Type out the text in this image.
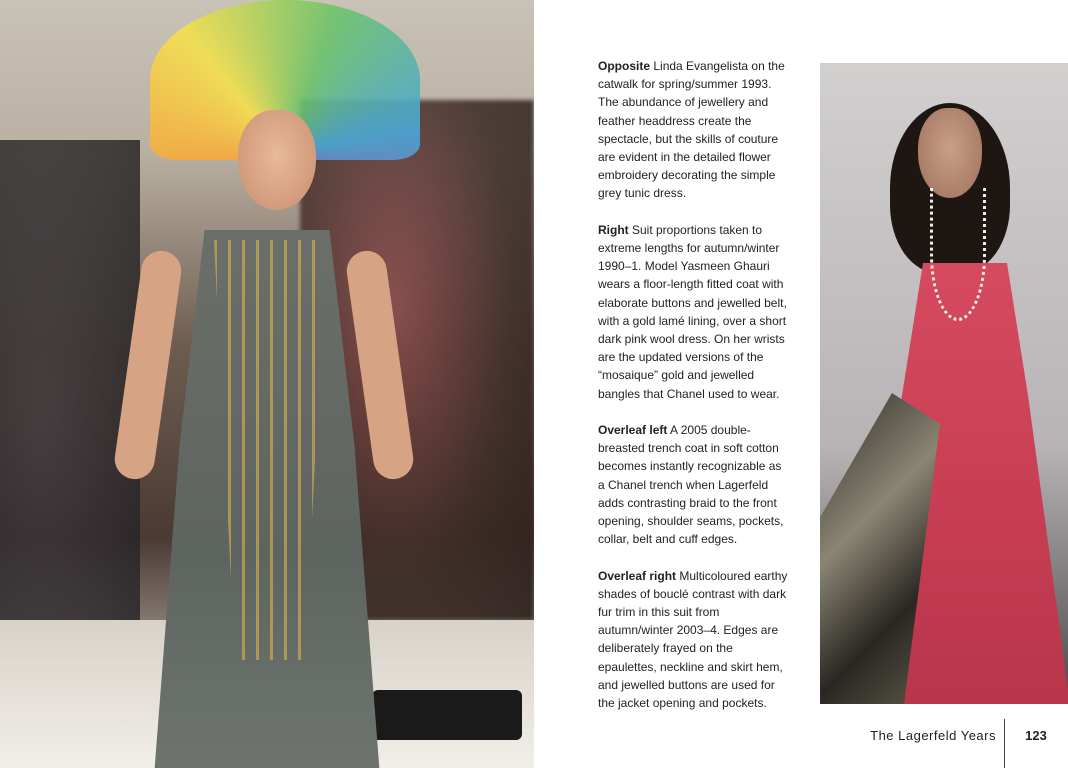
Opposite Linda Evangelista on the catwalk for spring/summer 1993. The abundance of jewellery and feather headdress create the spectacle, but the skills of couture are evident in the detailed flower embroidery decorating the simple grey tunic dress.

Right Suit proportions taken to extreme lengths for autumn/winter 1990–1. Model Yasmeen Ghauri wears a floor-length fitted coat with elaborate buttons and jewelled belt, with a gold lamé lining, over a short dark pink wool dress. On her wrists are the updated versions of the “mosaique” gold and jewelled bangles that Chanel used to wear.

Overleaf left A 2005 double-breasted trench coat in soft cotton becomes instantly recognizable as a Chanel trench when Lagerfeld adds contrasting braid to the front opening, shoulder seams, pockets, collar, belt and cuff edges.

Overleaf right Multicoloured earthy shades of bouclé contrast with dark fur trim in this suit from autumn/winter 2003–4. Edges are deliberately frayed on the epaulettes, neckline and skirt hem, and jewelled buttons are used for the jacket opening and pockets.

The Lagerfeld Years	123
